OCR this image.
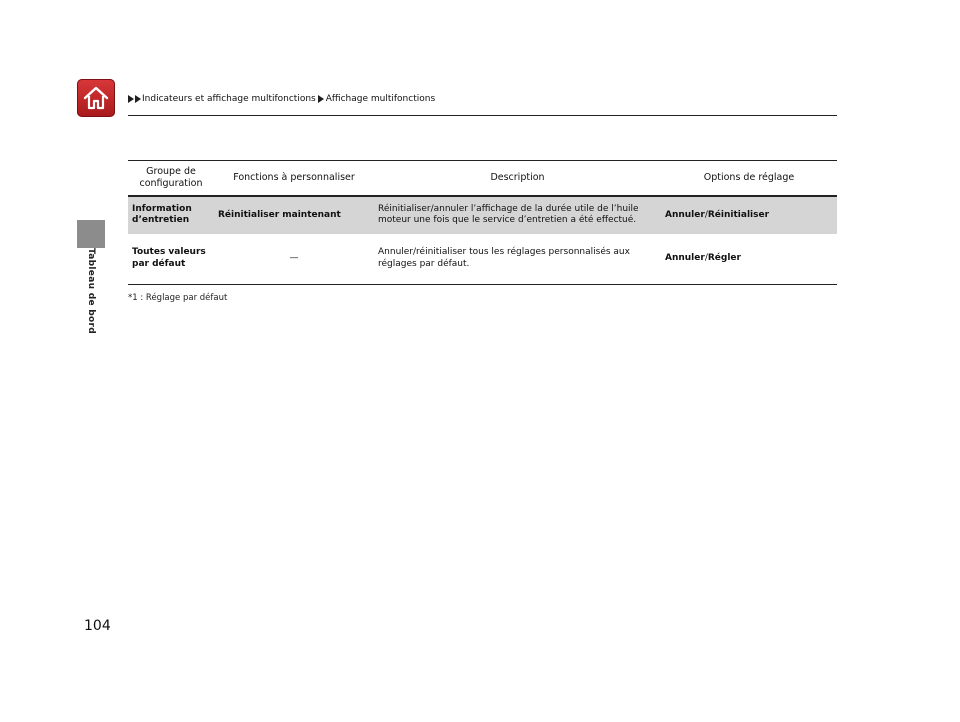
Indicateurs et affichage multifonctions Affichage multifonctions
Tableau de bord
Groupe de configuration	Fonctions à personnaliser	Description	Options de réglage

Information d’entretien	Réinitialiser maintenant	Réinitialiser/annuler l’affichage de la durée utile de l’huile moteur une fois que le service d’entretien a été effectué.	Annuler/Réinitialiser
Toutes valeurs par défaut	—	Annuler/réinitialiser tous les réglages personnalisés aux réglages par défaut.	Annuler/Régler
*1 : Réglage par défaut
104
